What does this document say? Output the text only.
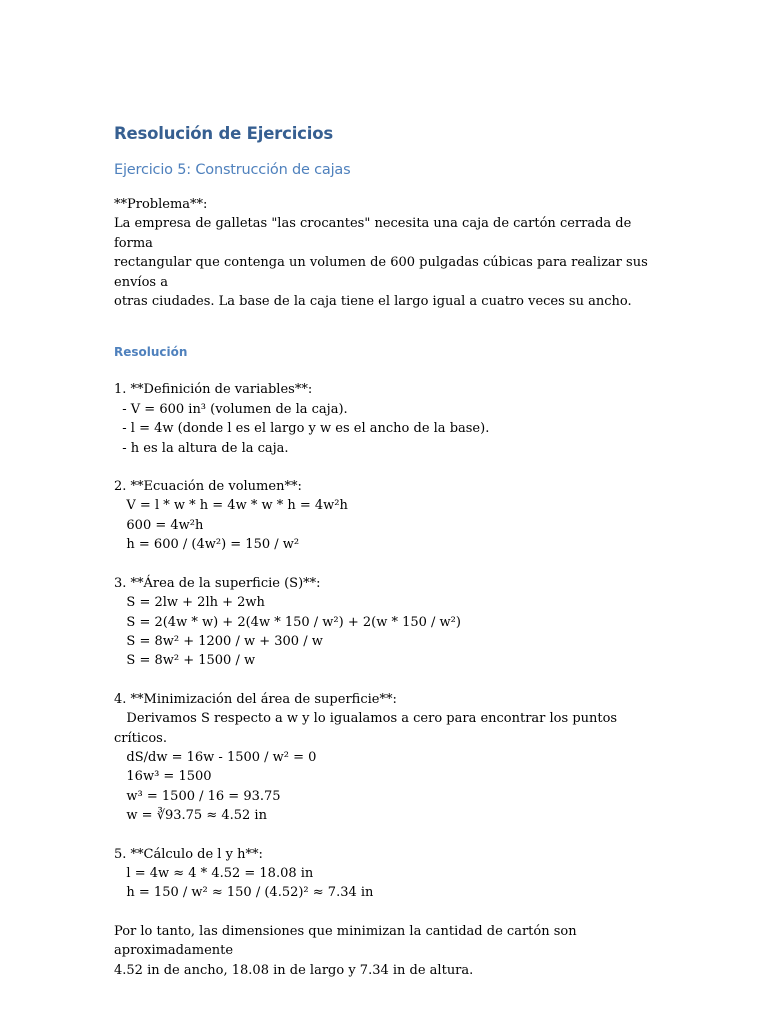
Resolución de Ejercicios
Ejercicio 5: Construcción de cajas
**Problema**:
La empresa de galletas "las crocantes" necesita una caja de cartón cerrada de forma
rectangular que contenga un volumen de 600 pulgadas cúbicas para realizar sus envíos a
otras ciudades. La base de la caja tiene el largo igual a cuatro veces su ancho.
Resolución
1. **Definición de variables**:
- V = 600 in³ (volumen de la caja).
- l = 4w (donde l es el largo y w es el ancho de la base).
- h es la altura de la caja.
2. **Ecuación de volumen**:
V = l * w * h = 4w * w * h = 4w²h
600 = 4w²h
h = 600 / (4w²) = 150 / w²
3. **Área de la superficie (S)**:
S = 2lw + 2lh + 2wh
S = 2(4w * w) + 2(4w * 150 / w²) + 2(w * 150 / w²)
S = 8w² + 1200 / w + 300 / w
S = 8w² + 1500 / w
4. **Minimización del área de superficie**:
Derivamos S respecto a w y lo igualamos a cero para encontrar los puntos críticos.
dS/dw = 16w - 1500 / w² = 0
16w³ = 1500
w³ = 1500 / 16 = 93.75
w = ∛93.75 ≈ 4.52 in
5. **Cálculo de l y h**:
l = 4w ≈ 4 * 4.52 = 18.08 in
h = 150 / w² ≈ 150 / (4.52)² ≈ 7.34 in
Por lo tanto, las dimensiones que minimizan la cantidad de cartón son aproximadamente
4.52 in de ancho, 18.08 in de largo y 7.34 in de altura.
